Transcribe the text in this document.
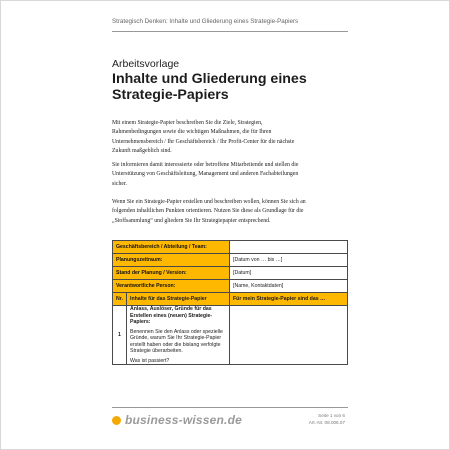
Strategisch Denken: Inhalte und Gliederung eines Strategie-Papiers
Arbeitsvorlage
Inhalte und Gliederung eines Strategie-Papiers
Mit einem Strategie-Papier beschreiben Sie die Ziele, Strategien, Rahmenbedingungen sowie die wichtigen Maßnahmen, die für Ihren Unternehmensbereich / Ihr Geschäftsbereich / Ihr Profit-Center für die nächste Zukunft maßgeblich sind.
Sie informieren damit interessierte oder betroffene Mitarbeitende und stellen die Unterstützung von Geschäftsleitung, Management und anderen Fachabteilungen sicher.
Wenn Sie ein Strategie-Papier erstellen und beschreiben wollen, können Sie sich an folgenden inhaltlichen Punkten orientieren. Nutzen Sie diese als Grundlage für die „Stoffsammlung“ und gliedern Sie Ihr Strategiepapier entsprechend.
Geschäftsbereich / Abteilung / Team:		
Planungszeitraum:		[Datum von … bis …]
Stand der Planung / Version:		[Datum]
Verantwortliche Person:		[Name, Kontaktdaten]
Nr.	Inhalte für das Strategie-Papier	Für mein Strategie-Papier sind das …
1	Anlass, Auslöser, Gründe für das Erstellen eines (neuen) Strategie-Papiers:
Benennen Sie den Anlass oder spezielle Gründe, warum Sie Ihr Strategie-Papier erstellt haben oder die bislang verfolgte Strategie überarbeiten.
Was ist passiert?	

business-wissen.de	Seite 1 von 6
Art.-Nr. 08.006.07
